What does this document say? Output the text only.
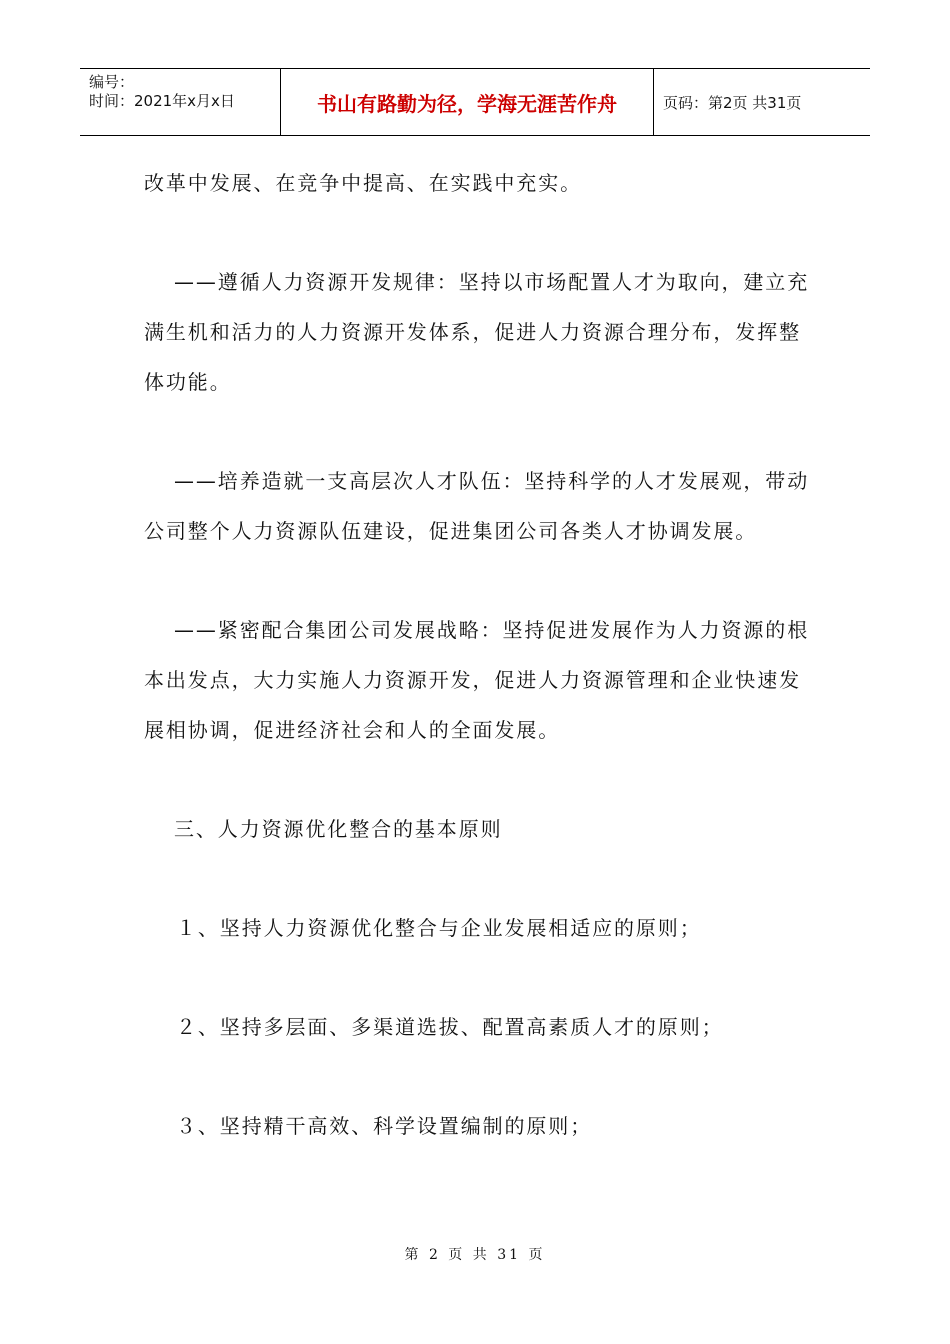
编号：
时间：2021年x月x日	书山有路勤为径，学海无涯苦作舟	页码：第2页 共31页

改革中发展、在竞争中提高、在实践中充实。

——遵循人力资源开发规律：坚持以市场配置人才为取向，建立充满生机和活力的人力资源开发体系，促进人力资源合理分布，发挥整体功能。

——培养造就一支高层次人才队伍：坚持科学的人才发展观，带动公司整个人力资源队伍建设，促进集团公司各类人才协调发展。

——紧密配合集团公司发展战略：坚持促进发展作为人力资源的根本出发点，大力实施人力资源开发，促进人力资源管理和企业快速发展相协调，促进经济社会和人的全面发展。

三、人力资源优化整合的基本原则

１、坚持人力资源优化整合与企业发展相适应的原则；

２、坚持多层面、多渠道选拔、配置高素质人才的原则；

３、坚持精干高效、科学设置编制的原则；

第 2 页 共 31 页
